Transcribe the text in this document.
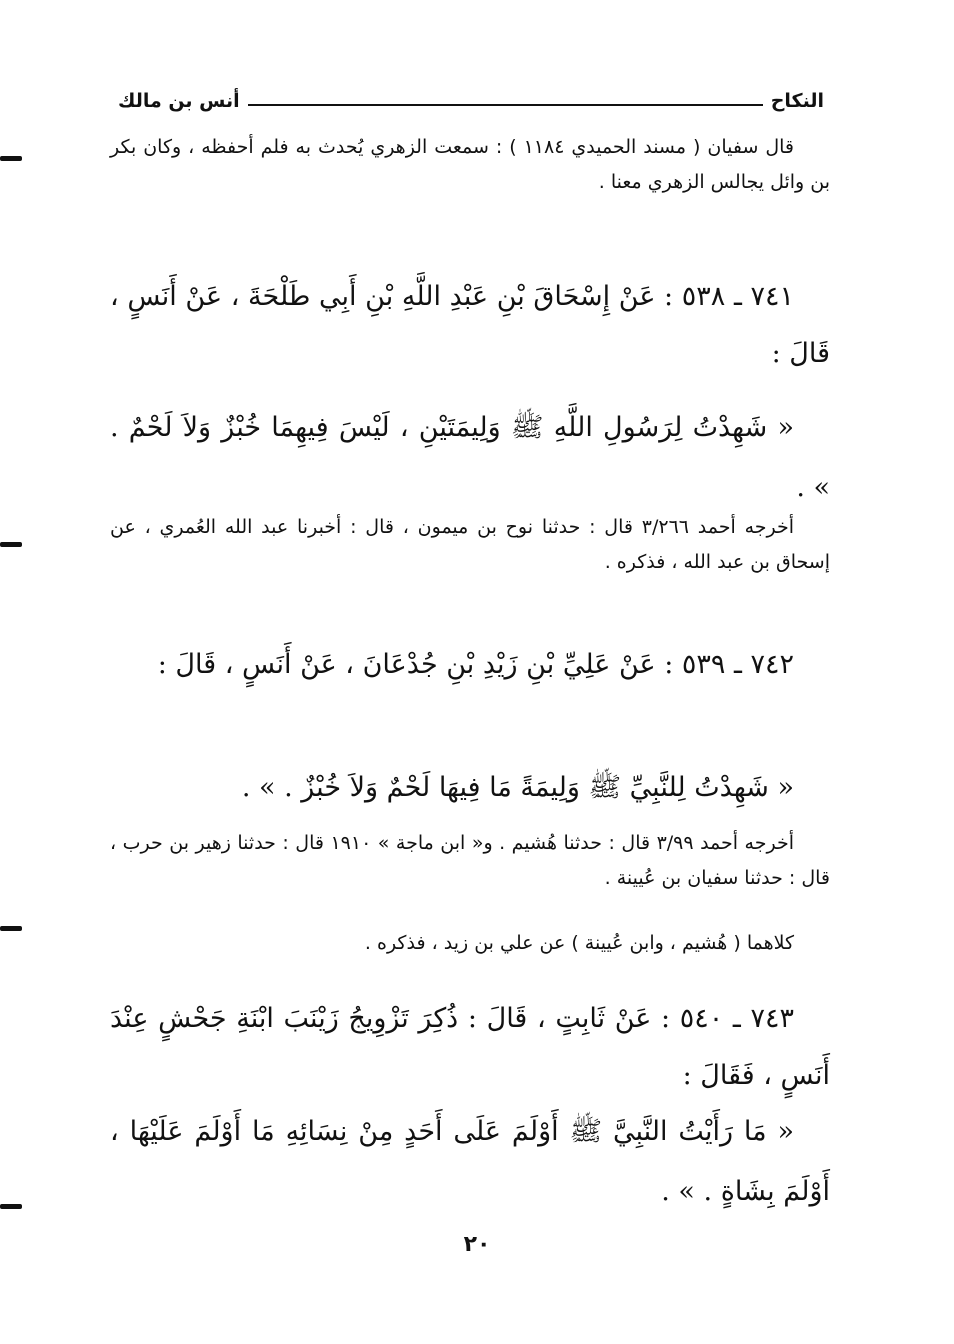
النكاح
أنس بن مالك

قال سفيان ( مسند الحميدي ١١٨٤ ) : سمعت الزهري يُحدث به فلم أحفظه ، وكان بكر بن وائل يجالس الزهري معنا .

٧٤١ ـ ٥٣٨ : عَنْ إِسْحَاقَ بْنِ عَبْدِ اللَّهِ بْنِ أَبِي طَلْحَةَ ، عَنْ أَنَسٍ ، قَالَ :

« شَهِدْتُ لِرَسُولِ اللَّهِ ﷺ وَلِيمَتَيْنِ ، لَيْسَ فِيهِمَا خُبْزٌ وَلاَ لَحْمٌ . » .

أخرجه أحمد ٣/٢٦٦ قال : حدثنا نوح بن ميمون ، قال : أخبرنا عبد الله العُمري ، عن إسحاق بن عبد الله ، فذكره .

٧٤٢ ـ ٥٣٩ : عَنْ عَلِيِّ بْنِ زَيْدِ بْنِ جُدْعَانَ ، عَنْ أَنَسٍ ، قَالَ :

« شَهِدْتُ لِلنَّبِيِّ ﷺ وَلِيمَةً مَا فِيهَا لَحْمٌ وَلاَ خُبْزٌ . » .

أخرجه أحمد ٣/٩٩ قال : حدثنا هُشيم . و« ابن ماجة » ١٩١٠ قال : حدثنا زهير بن حرب ، قال : حدثنا سفيان بن عُيينة .

كلاهما ( هُشيم ، وابن عُيينة ) عن علي بن زيد ، فذكره .

٧٤٣ ـ ٥٤٠ : عَنْ ثَابِتٍ ، قَالَ : ذُكِرَ تَزْوِيجُ زَيْنَبَ ابْنَةِ جَحْشٍ عِنْدَ أَنَسٍ ، فَقَالَ :

« مَا رَأَيْتُ النَّبِيَّ ﷺ أَوْلَمَ عَلَى أَحَدٍ مِنْ نِسَائِهِ مَا أَوْلَمَ عَلَيْهَا ، أَوْلَمَ بِشَاةٍ . » .

٢٠
